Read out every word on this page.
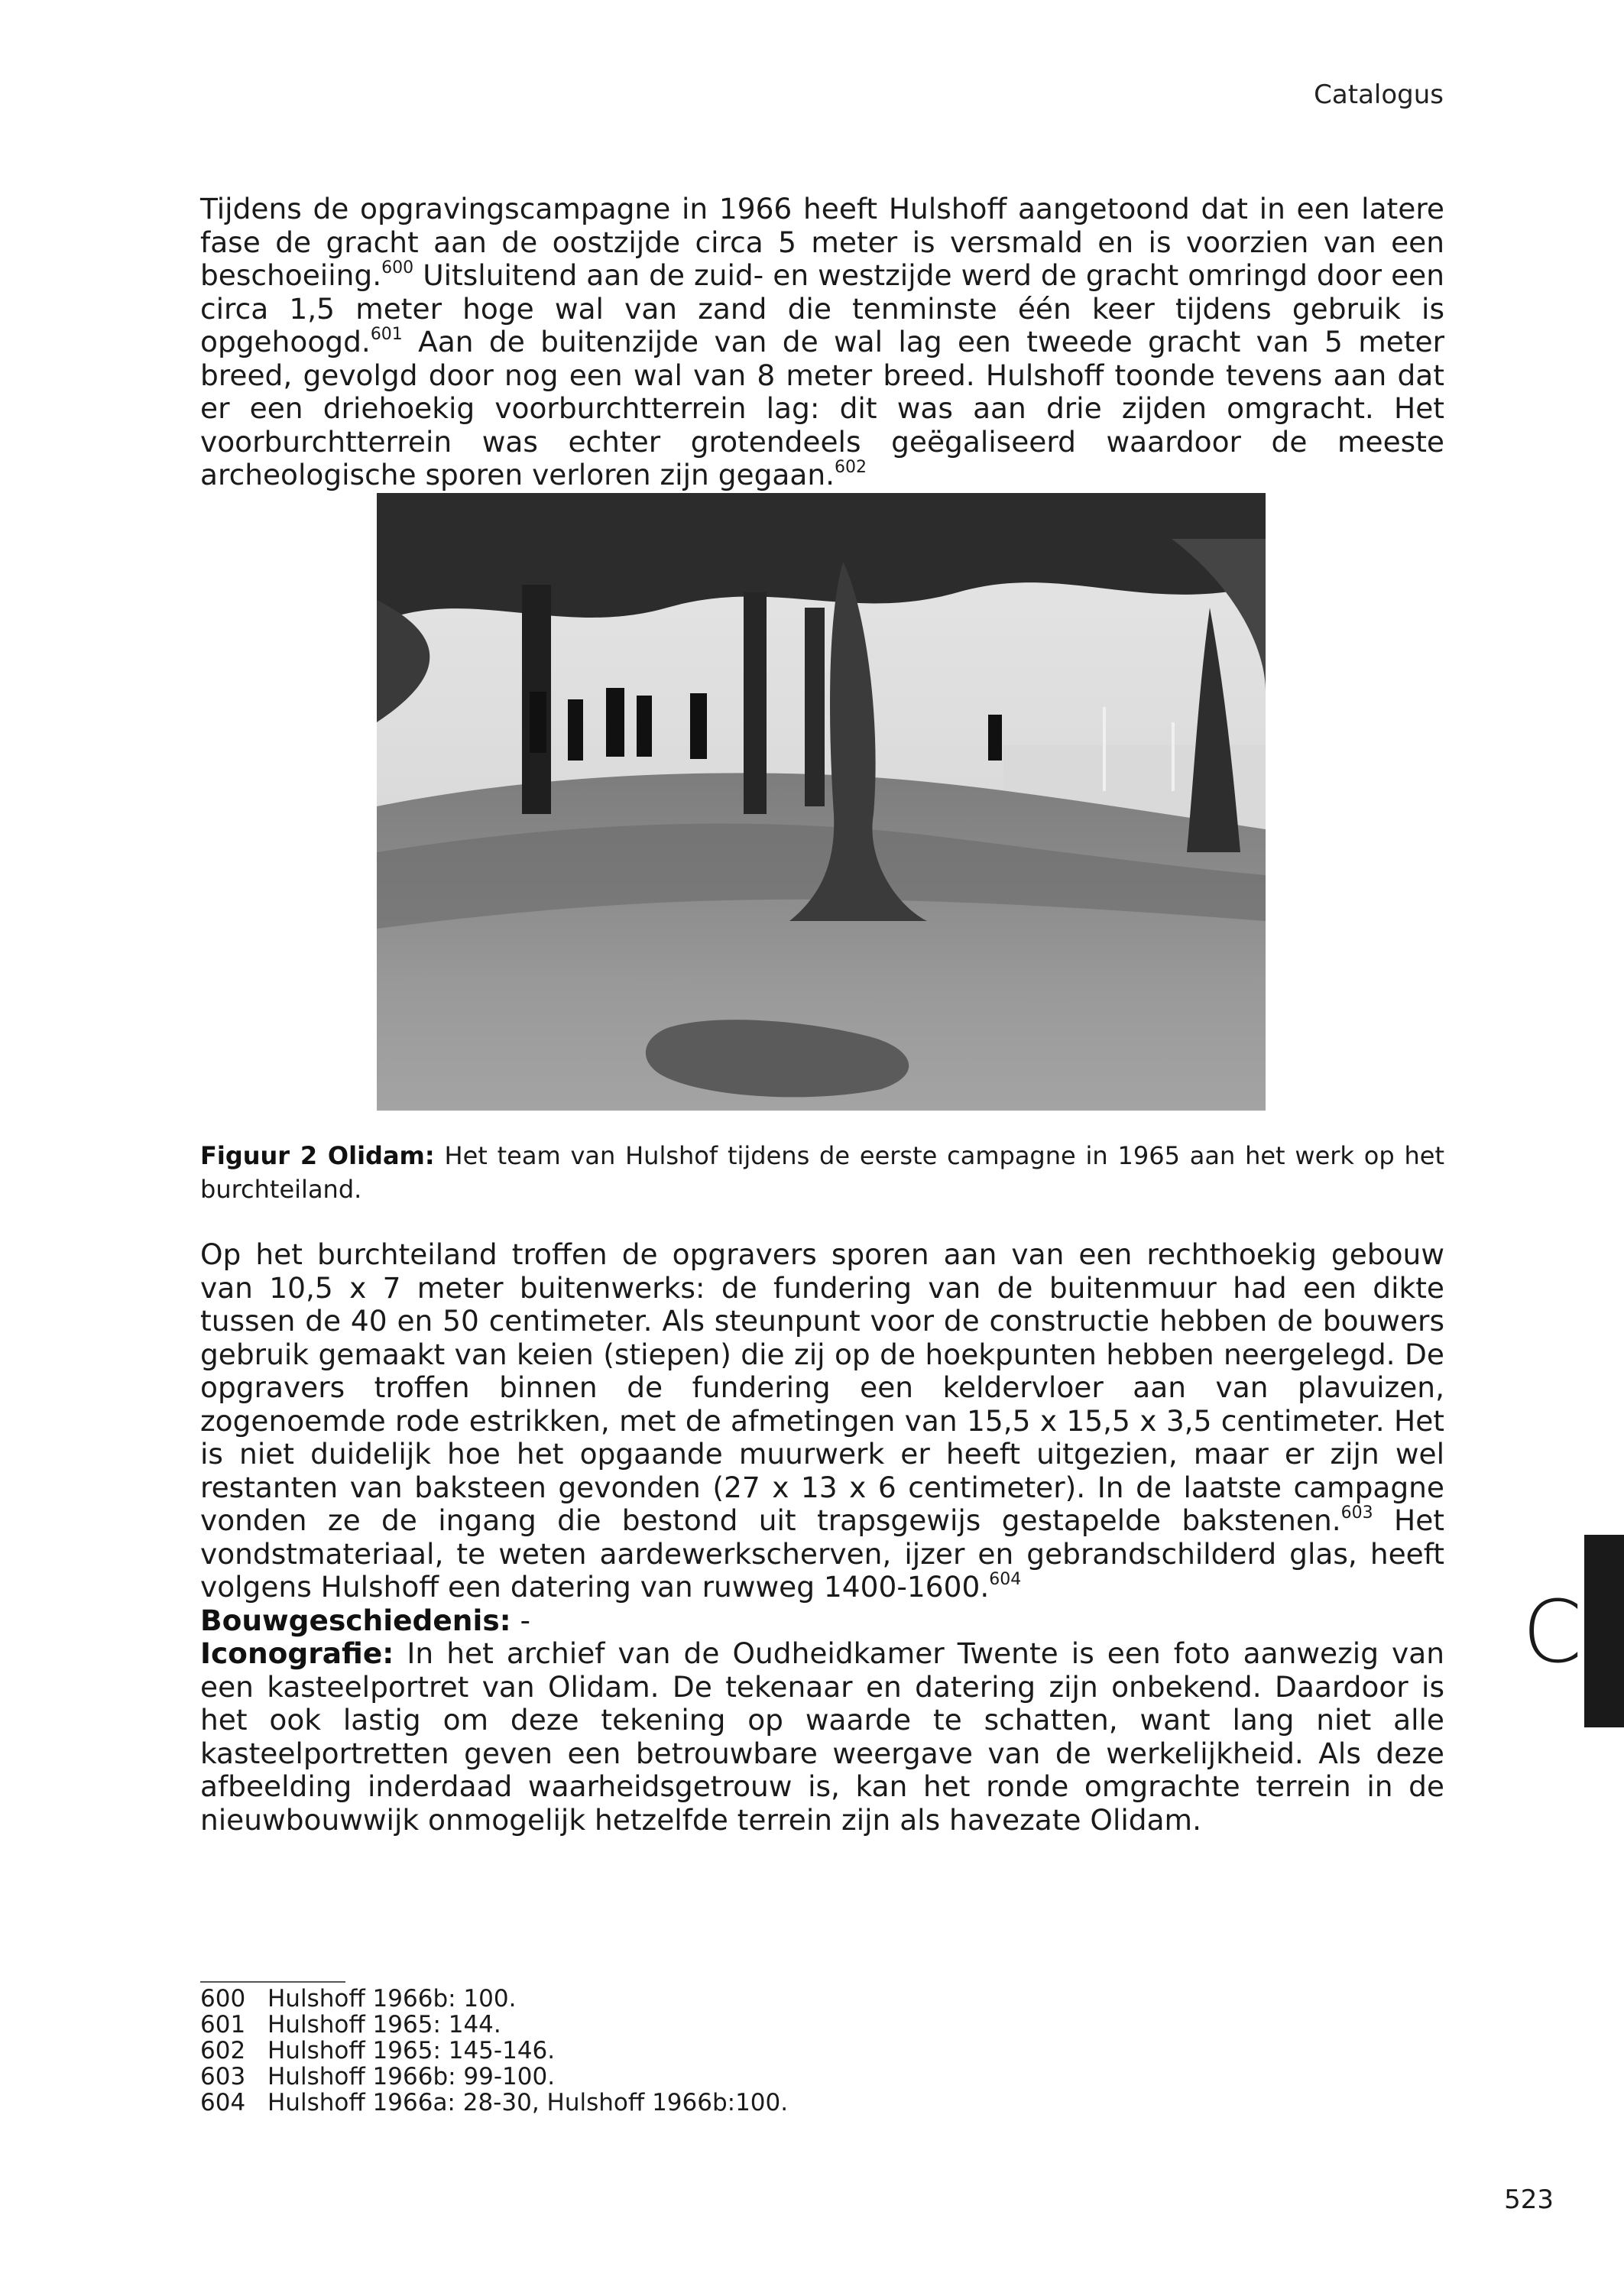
Catalogus

Tijdens de opgravingscampagne in 1966 heeft Hulshoff aangetoond dat in een latere fase de gracht aan de oostzijde circa 5 meter is versmald en is voorzien van een beschoeiing.$^{600}$ Uitsluitend aan de zuid- en westzijde werd de gracht omringd door een circa 1,5 meter hoge wal van zand die tenminste één keer tijdens gebruik is opgehoogd.$^{601}$ Aan de buitenzijde van de wal lag een tweede gracht van 5 meter breed, gevolgd door nog een wal van 8 meter breed. Hulshoff toonde tevens aan dat er een driehoekig voorburchtterrein lag: dit was aan drie zijden omgracht. Het voorburchtterrein was echter grotendeels geëgaliseerd waardoor de meeste archeologische sporen verloren zijn gegaan.$^{602}$

Figuur 2 Olidam: Het team van Hulshof tijdens de eerste campagne in 1965 aan het werk op het burchteiland.

Op het burchteiland troffen de opgravers sporen aan van een rechthoekig gebouw van 10,5 x 7 meter buitenwerks: de fundering van de buitenmuur had een dikte tussen de 40 en 50 centimeter. Als steunpunt voor de constructie hebben de bouwers gebruik gemaakt van keien (stiepen) die zij op de hoekpunten hebben neergelegd. De opgravers troffen binnen de fundering een keldervloer aan van plavuizen, zogenoemde rode estrikken, met de afmetingen van 15,5 x 15,5 x 3,5 centimeter. Het is niet duidelijk hoe het opgaande muurwerk er heeft uitgezien, maar er zijn wel restanten van baksteen gevonden (27 x 13 x 6 centimeter). In de laatste campagne vonden ze de ingang die bestond uit trapsgewijs gestapelde bakstenen.$^{603}$ Het vondstmateriaal, te weten aardewerkscherven, ijzer en gebrandschilderd glas, heeft volgens Hulshoff een datering van ruwweg 1400-1600.$^{604}$
Bouwgeschiedenis: -
Iconografie: In het archief van de Oudheidkamer Twente is een foto aanwezig van een kasteelportret van Olidam. De tekenaar en datering zijn onbekend. Daardoor is het ook lastig om deze tekening op waarde te schatten, want lang niet alle kasteelportretten geven een betrouwbare weergave van de werkelijkheid. Als deze afbeelding inderdaad waarheidsgetrouw is, kan het ronde omgrachte terrein in de nieuwbouwwijk onmogelijk hetzelfde terrein zijn als havezate Olidam.

C
600 Hulshoff 1966b: 100.
601 Hulshoff 1965: 144.
602 Hulshoff 1965: 145-146.
603 Hulshoff 1966b: 99-100.
604 Hulshoff 1966a: 28-30, Hulshoff 1966b:100.
523
